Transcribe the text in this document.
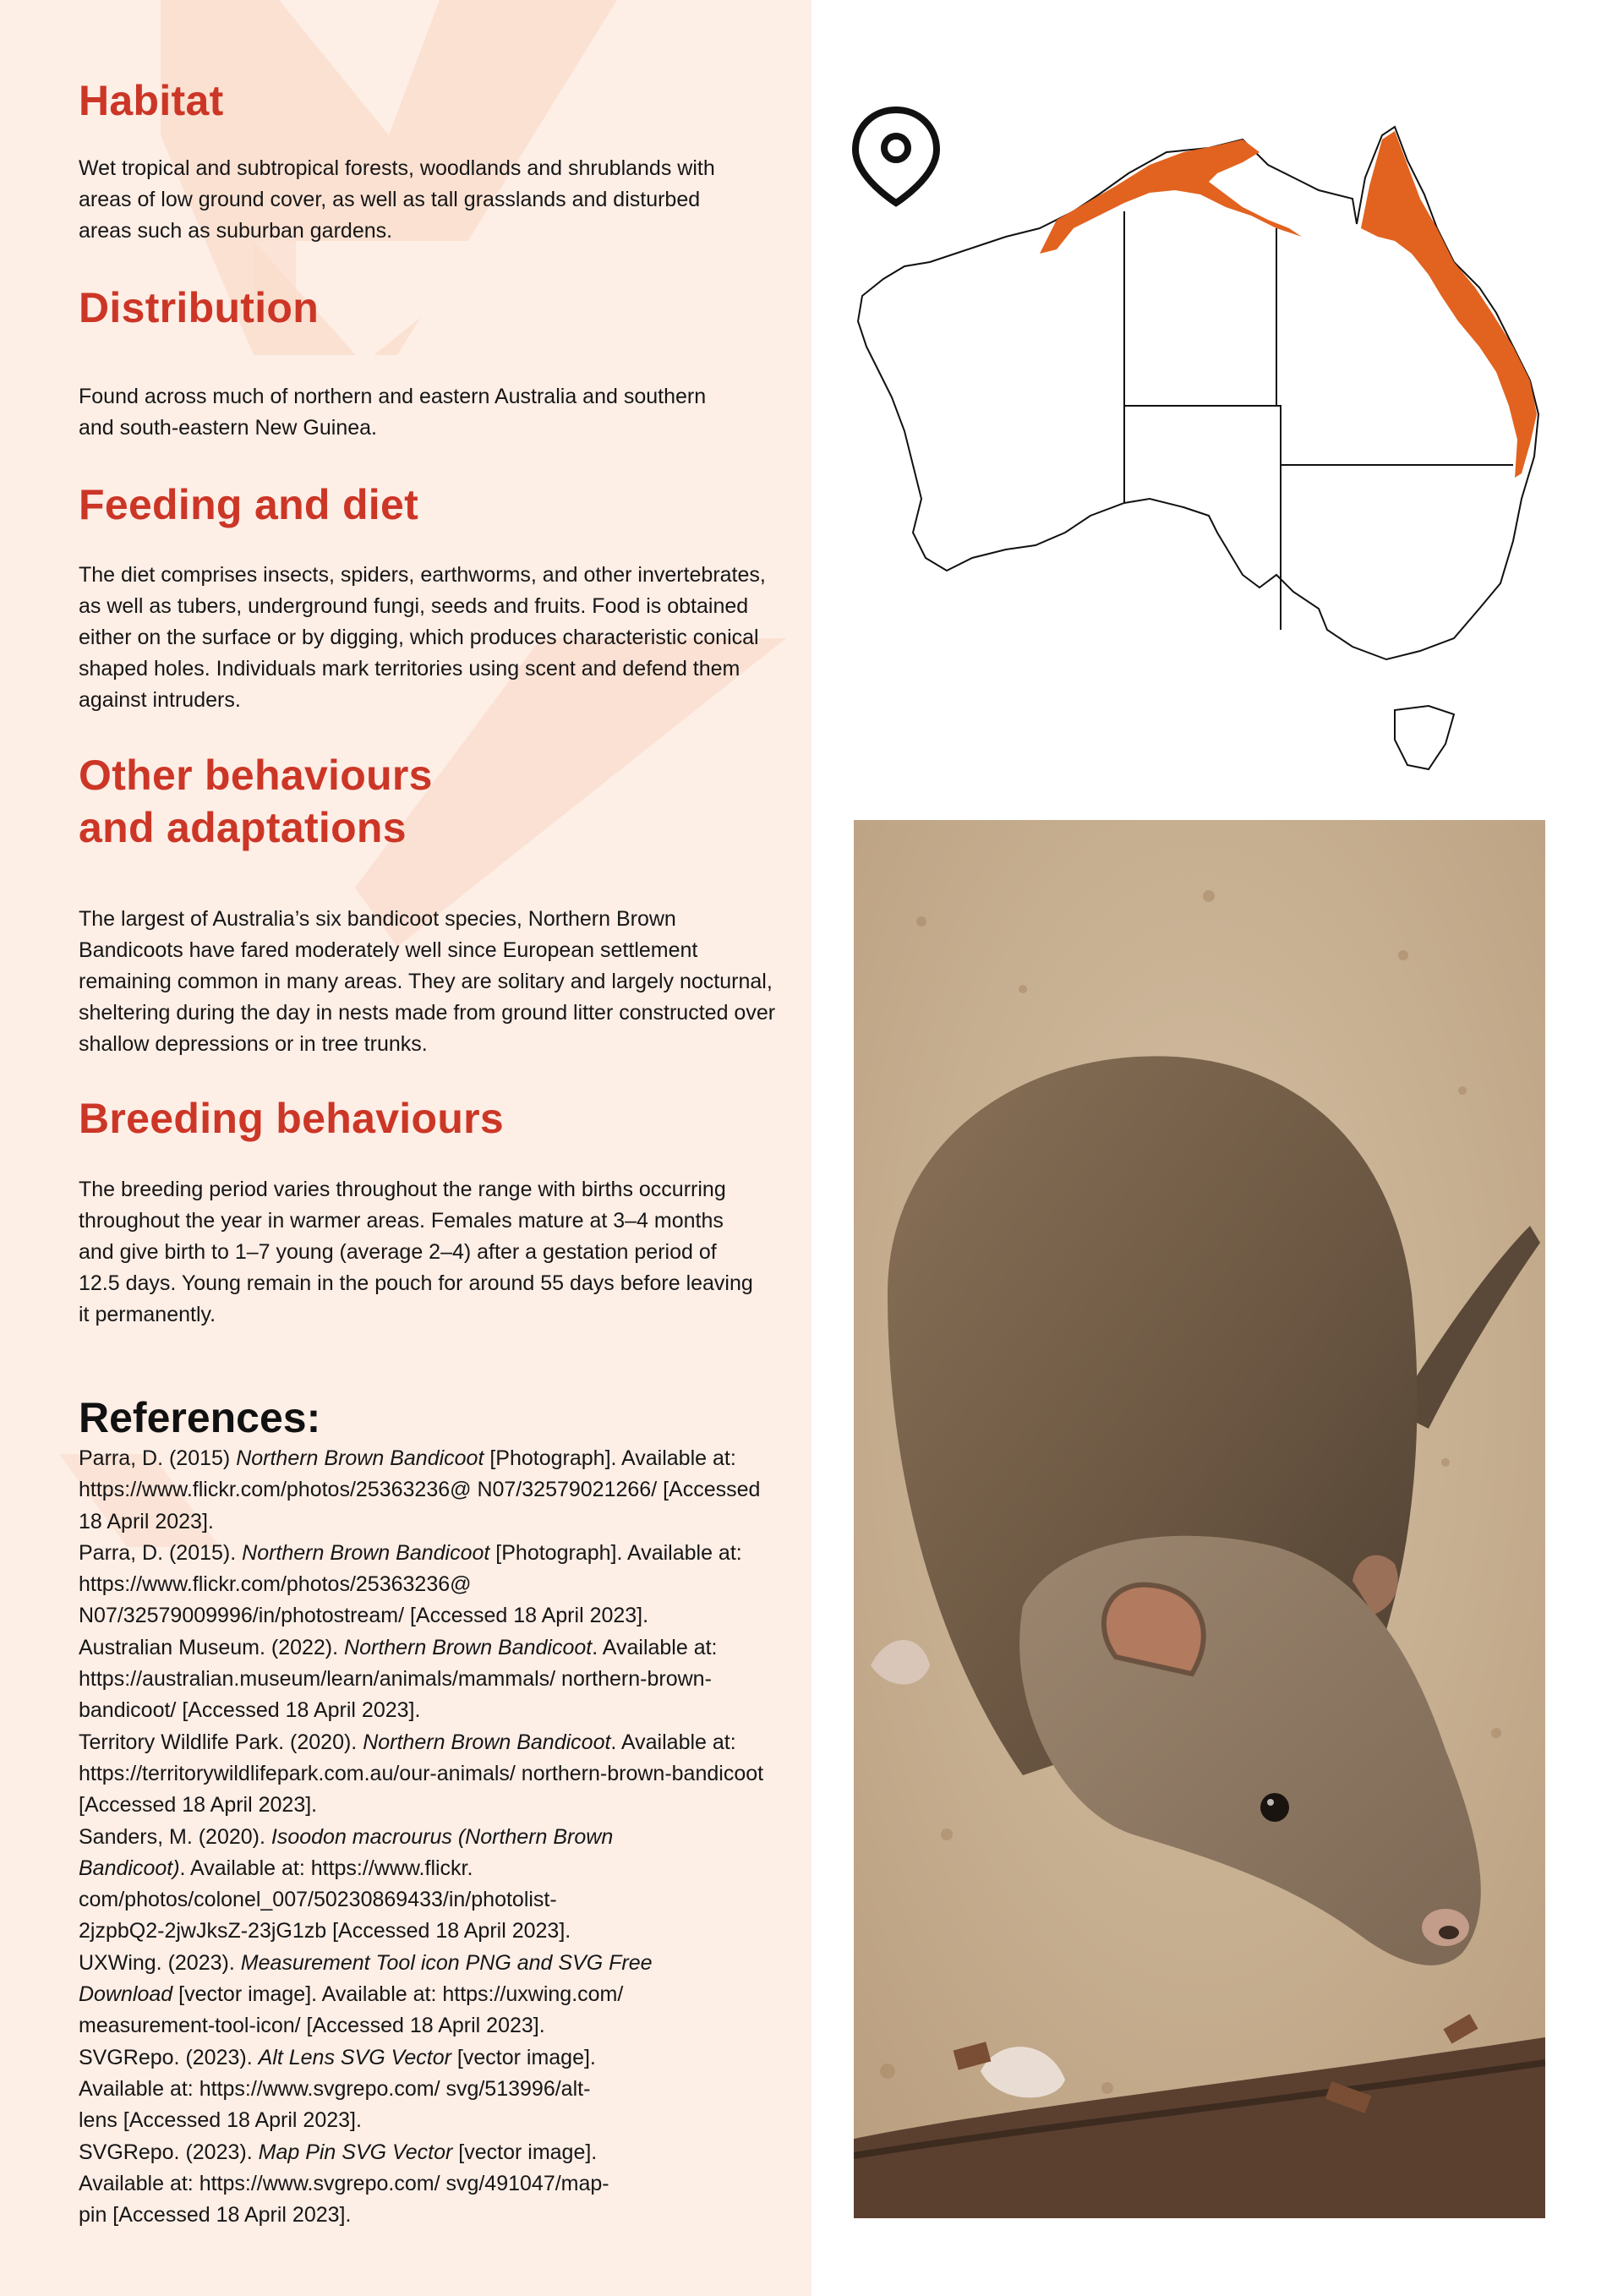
Habitat

Wet tropical and subtropical forests, woodlands and shrublands with areas of low ground cover, as well as tall grasslands and disturbed areas such as suburban gardens.

Distribution

Found across much of northern and eastern Australia and southern and south-eastern New Guinea.

Feeding and diet

The diet comprises insects, spiders, earthworms, and other invertebrates, as well as tubers, underground fungi, seeds and fruits. Food is obtained either on the surface or by digging, which produces characteristic conical shaped holes. Individuals mark territories using scent and defend them against intruders.

Other behaviours
and adaptations

The largest of Australia’s six bandicoot species, Northern Brown Bandicoots have fared moderately well since European settlement remaining common in many areas. They are solitary and largely nocturnal, sheltering during the day in nests made from ground litter constructed over shallow depressions or in tree trunks.

Breeding behaviours

The breeding period varies throughout the range with births occurring throughout the year in warmer areas. Females mature at 3–4 months and give birth to 1–7 young (average 2–4) after a gestation period of 12.5 days. Young remain in the pouch for around 55 days before leaving it permanently.

References:

Parra, D. (2015) Northern Brown Bandicoot [Photograph]. Available at: https://www.flickr.com/photos/25363236@ N07/32579021266/ [Accessed 18 April 2023].

Parra, D. (2015). Northern Brown Bandicoot [Photograph]. Available at: https://www.flickr.com/photos/25363236@ N07/32579009996/in/photostream/ [Accessed 18 April 2023].

Australian Museum. (2022). Northern Brown Bandicoot. Available at: https://australian.museum/learn/animals/mammals/ northern-brown-bandicoot/ [Accessed 18 April 2023].

Territory Wildlife Park. (2020). Northern Brown Bandicoot. Available at: https://territorywildlifepark.com.au/our-animals/ northern-brown-bandicoot [Accessed 18 April 2023].

Sanders, M. (2020). Isoodon macrourus (Northern Brown Bandicoot). Available at: https://www.flickr. com/photos/colonel_007/50230869433/in/photolist-2jzpbQ2-2jwJksZ-23jG1zb [Accessed 18 April 2023].

UXWing. (2023). Measurement Tool icon PNG and SVG Free Download [vector image]. Available at: https://uxwing.com/ measurement-tool-icon/ [Accessed 18 April 2023].

SVGRepo. (2023). Alt Lens SVG Vector [vector image]. Available at: https://www.svgrepo.com/ svg/513996/alt-lens [Accessed 18 April 2023].

SVGRepo. (2023). Map Pin SVG Vector [vector image]. Available at: https://www.svgrepo.com/ svg/491047/map-pin [Accessed 18 April 2023].
